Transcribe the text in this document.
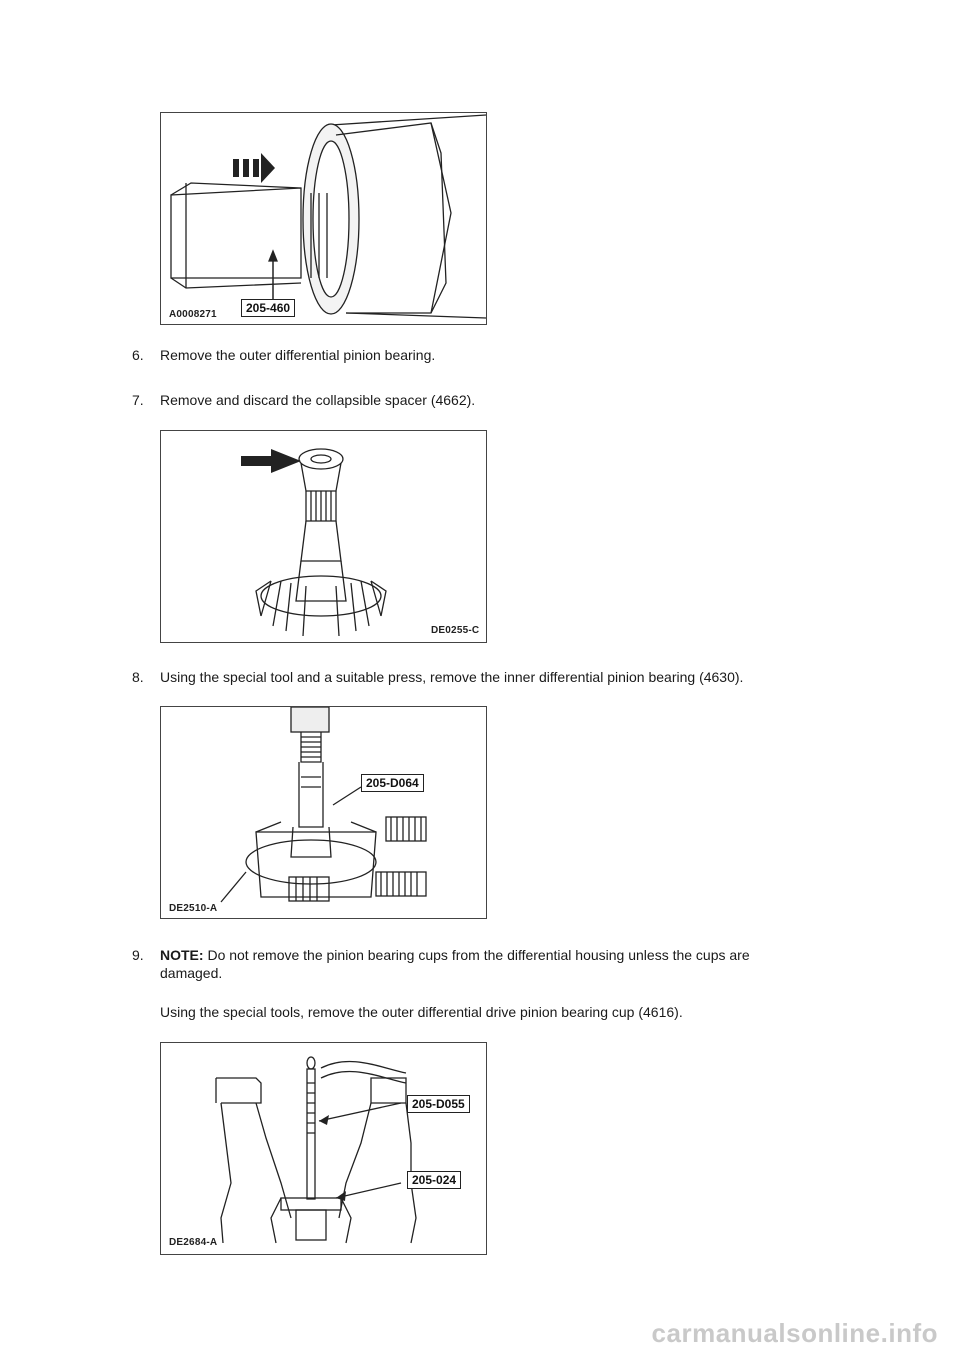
205-460
A0008271
6. Remove the outer differential pinion bearing.
7. Remove and discard the collapsible spacer (4662).
DE0255-C
8. Using the special tool and a suitable press, remove the inner differential pinion bearing (4630).
205-D064
DE2510-A
9. NOTE: Do not remove the pinion bearing cups from the differential housing unless the cups are
damaged.
Using the special tools, remove the outer differential drive pinion bearing cup (4616).
205-D055
205-024
DE2684-A
carmanualsonline.info
